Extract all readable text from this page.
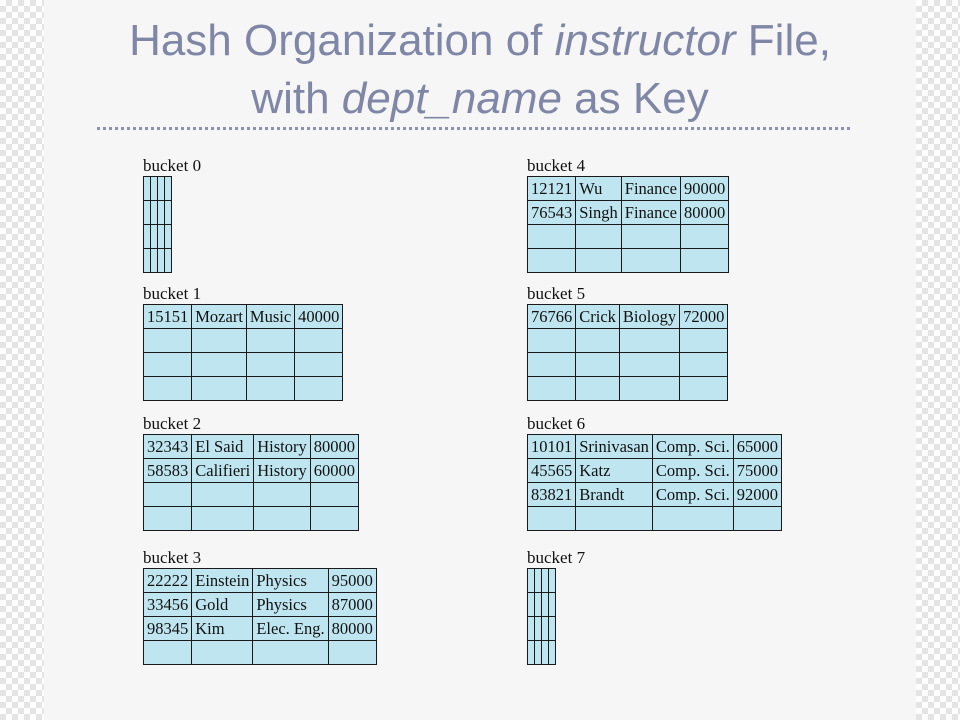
Hash Organization of instructor File,
with dept_name as Key
bucket 0

bucket 1
15151	Mozart	Music	40000

bucket 2
32343	El Said	History	80000
58583	Califieri	History	60000

bucket 3
22222	Einstein	Physics	95000
33456	Gold	Physics	87000
98345	Kim	Elec. Eng.	80000

bucket 4
12121	Wu	Finance	90000
76543	Singh	Finance	80000

bucket 5
76766	Crick	Biology	72000

bucket 6
10101	Srinivasan	Comp. Sci.	65000
45565	Katz	Comp. Sci.	75000
83821	Brandt	Comp. Sci.	92000

bucket 7
